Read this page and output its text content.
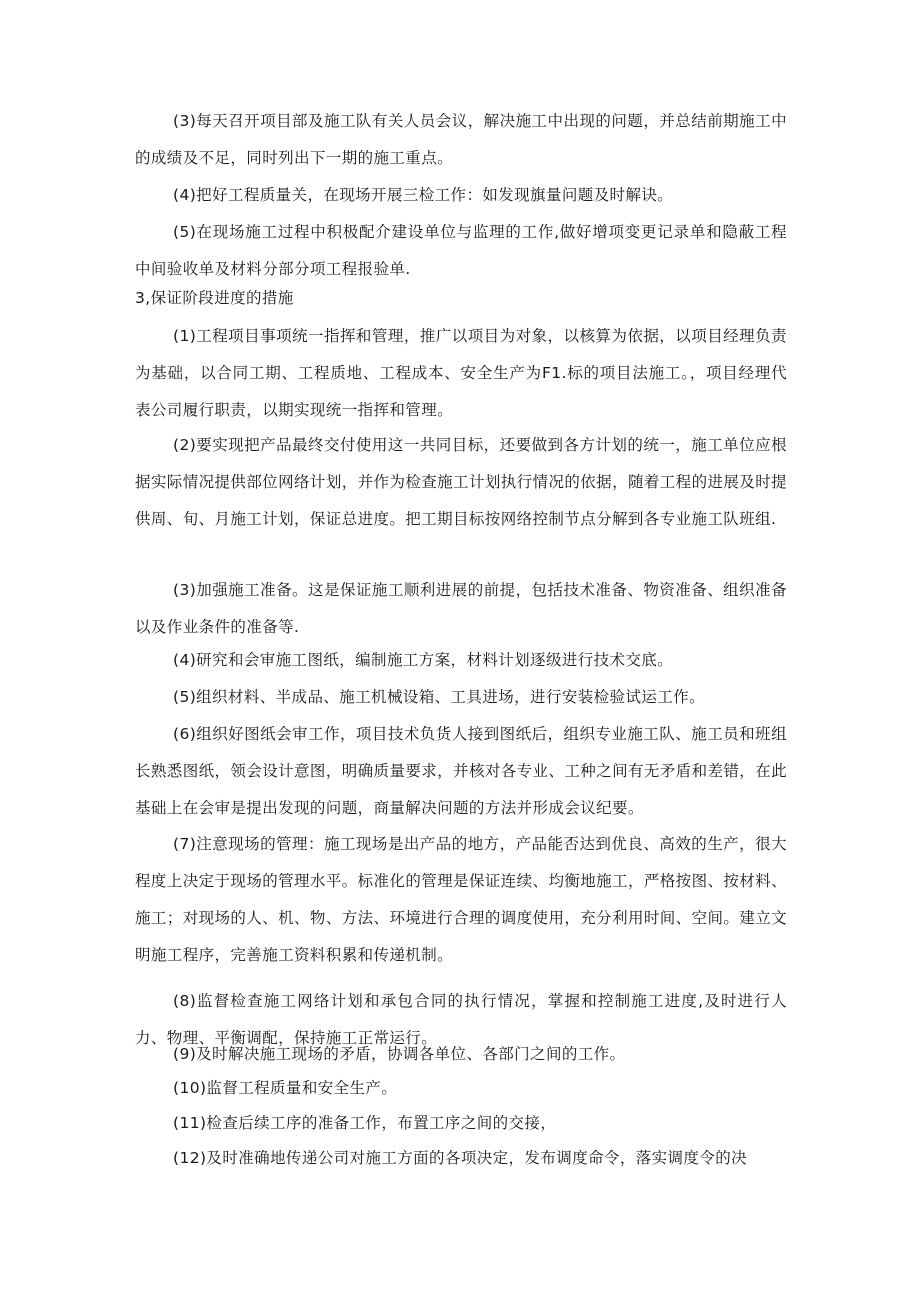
(3)每天召开项目部及施工队有关人员会议，解决施工中出现的问题，并总结前期施工中的成绩及不足，同时列出下一期的施工重点。

(4)把好工程质量关，在现场开展三检工作：如发现旗量问题及时解诀。

(5)在现场施工过程中积极配介建设单位与监理的工作,做好增项变更记录单和隐蔽工程中间验收单及材料分部分项工程报验单.

3,保证阶段进度的措施

(1)工程项目事项统一指挥和管理，推广以项目为对象，以核算为依据，以项目经理负责为基础，以合同工期、工程质地、工程成本、安全生产为F1.标的项目法施工。，项目经理代表公司履行职责，以期实现统一指挥和管理。

(2)要实现把产品最终交付使用这一共同目标，还要做到各方计划的统一，施工单位应根据实际情况提供部位网络计划，并作为检查施工计划执行情况的依据，随着工程的进展及时提供周、旬、月施工计划，保证总进度。把工期目标按网络控制节点分解到各专业施工队班组.

(3)加强施工准备。这是保证施工顺利进展的前提，包括技术准备、物资准备、组织准备以及作业条件的准备等.

(4)研究和会审施工图纸，编制施工方案，材料计划逐级进行技术交底。

(5)组织材料、半成品、施工机械设箱、工具进场，进行安装检验试运工作。

(6)组织好图纸会审工作，项目技术负货人接到图纸后，组织专业施工队、施工员和班组长熟悉图纸，领会设计意图，明确质量要求，并核对各专业、工种之间有无矛盾和差错，在此基础上在会审是提出发现的问题，商量解决问题的方法并形成会议纪要。

(7)注意现场的管理：施工现场是出产品的地方，产品能否达到优良、高效的生产，很大程度上决定于现场的管理水平。标准化的管理是保证连续、均衡地施工，严格按图、按材料、施工；对现场的人、机、物、方法、环境进行合理的调度使用，充分利用时间、空间。建立文明施工程序，完善施工资料积累和传递机制。

(8)监督检查施工网络计划和承包合同的执行情况，掌握和控制施工进度,及时进行人力、物理、平衡调配，保持施工正常运行。

(9)及时解决施工现场的矛盾，协调各单位、各部门之间的工作。

(10)监督工程质量和安全生产。

(11)检查后续工序的准备工作，布置工序之间的交接，

(12)及时准确地传递公司对施工方面的各项决定，发布调度命令，落实调度令的决
